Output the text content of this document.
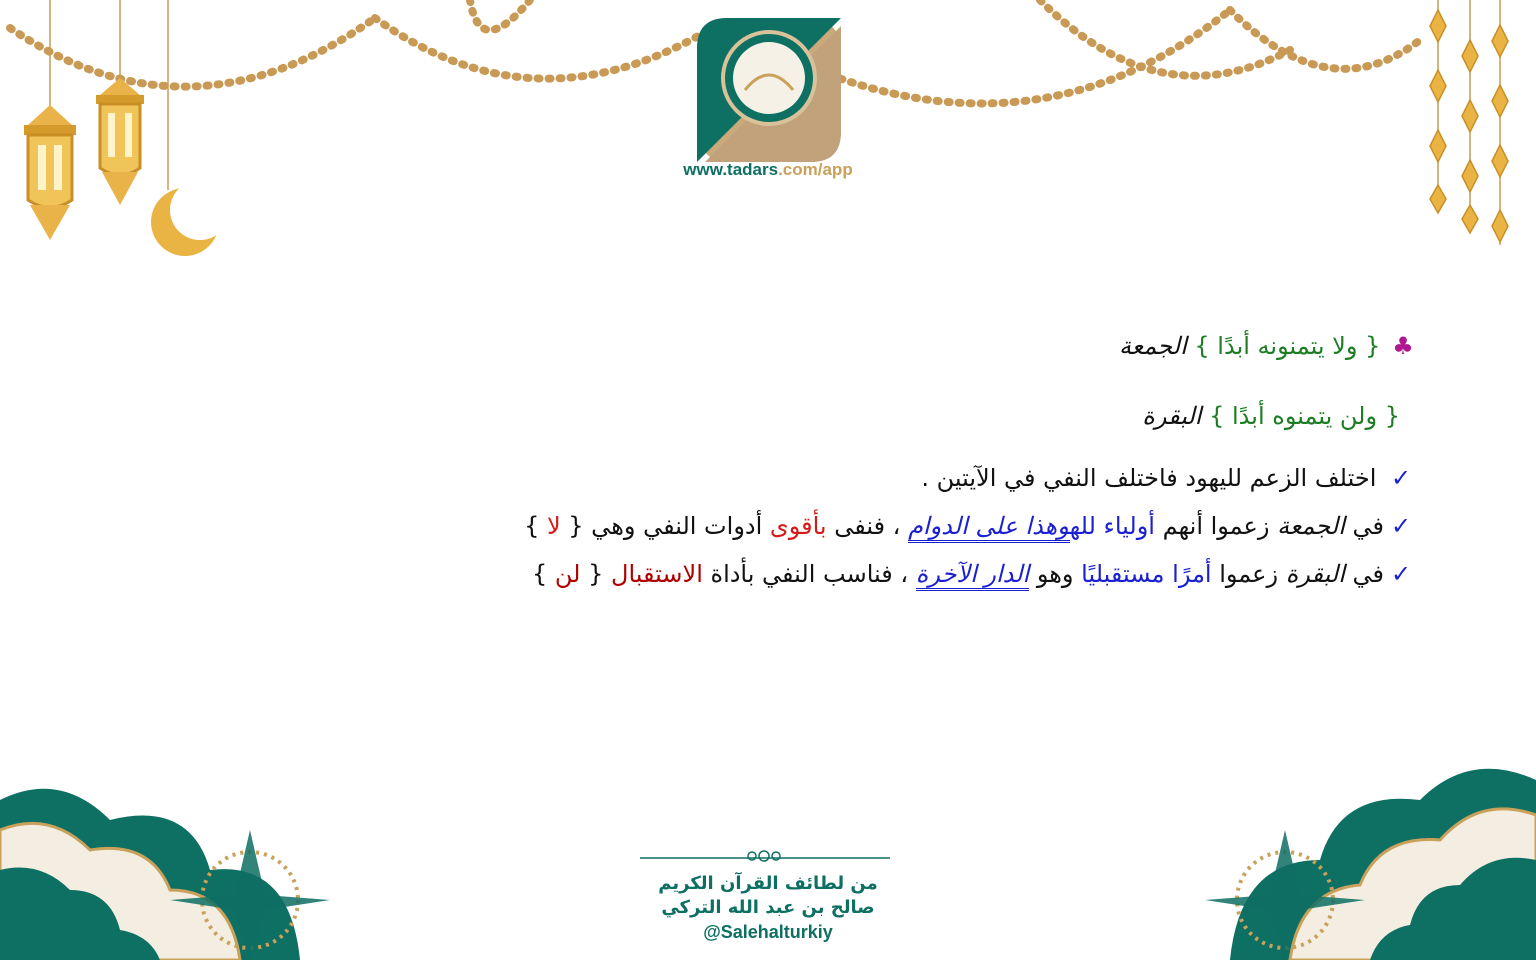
www.tadars.com/app
♣ { ولا يتمنونه أبدًا } الجمعة
{ ولن يتمنوه أبدًا } البقرة
✓ اختلف الزعم لليهود فاختلف النفي في الآيتين .
✓في الجمعة زعموا أنهم أولياء للهوهذا على الدوام ، فنفى بأقوى أدوات النفي وهي { لا }
✓في البقرة زعموا أمرًا مستقبليًا وهو الدار الآخرة ، فناسب النفي بأداة الاستقبال { لن }
من لطائف القرآن الكريم
صالح بن عبد الله التركي
@Salehalturkiy
